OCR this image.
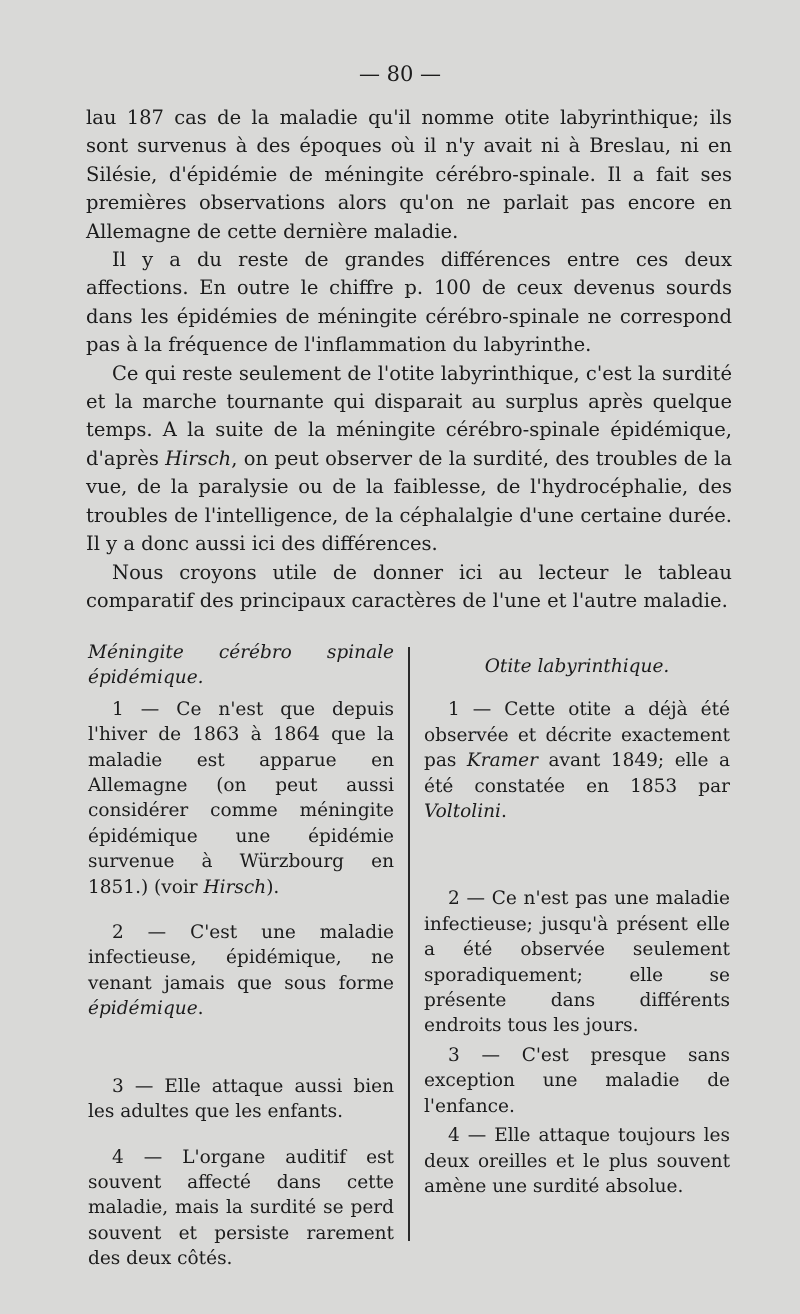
— 80 —

lau 187 cas de la maladie qu'il nomme otite labyrinthique; ils sont survenus à des époques où il n'y avait ni à Breslau, ni en Silésie, d'épidémie de méningite cérébro-spinale. Il a fait ses premières observations alors qu'on ne parlait pas encore en Allemagne de cette dernière maladie.

Il y a du reste de grandes différences entre ces deux affections. En outre le chiffre p. 100 de ceux devenus sourds dans les épidémies de méningite cérébro-spinale ne correspond pas à la fréquence de l'inflammation du labyrinthe.

Ce qui reste seulement de l'otite labyrinthique, c'est la surdité et la marche tournante qui disparait au surplus après quelque temps. A la suite de la méningite cérébro-spinale épidémique, d'après Hirsch, on peut observer de la surdité, des troubles de la vue, de la paralysie ou de la faiblesse, de l'hydrocéphalie, des troubles de l'intelligence, de la céphalalgie d'une certaine durée. Il y a donc aussi ici des différences.

Nous croyons utile de donner ici au lecteur le tableau comparatif des principaux caractères de l'une et l'autre maladie.

Méningite cérébro spinale épidémique.

1 — Ce n'est que depuis l'hiver de 1863 à 1864 que la maladie est apparue en Allemagne (on peut aussi considérer comme méningite épidémique une épidémie survenue à Würzbourg en 1851.) (voir Hirsch).

2 — C'est une maladie infectieuse, épidémique, ne venant jamais que sous forme épidémique.

3 — Elle attaque aussi bien les adultes que les enfants.

4 — L'organe auditif est souvent affecté dans cette maladie, mais la surdité se perd souvent et persiste rarement des deux côtés.

Otite labyrinthique.

1 — Cette otite a déjà été observée et décrite exactement pas Kramer avant 1849; elle a été constatée en 1853 par Voltolini.

2 — Ce n'est pas une maladie infectieuse; jusqu'à présent elle a été observée seulement sporadiquement; elle se présente dans différents endroits tous les jours.

3 — C'est presque sans exception une maladie de l'enfance.

4 — Elle attaque toujours les deux oreilles et le plus souvent amène une surdité absolue.
